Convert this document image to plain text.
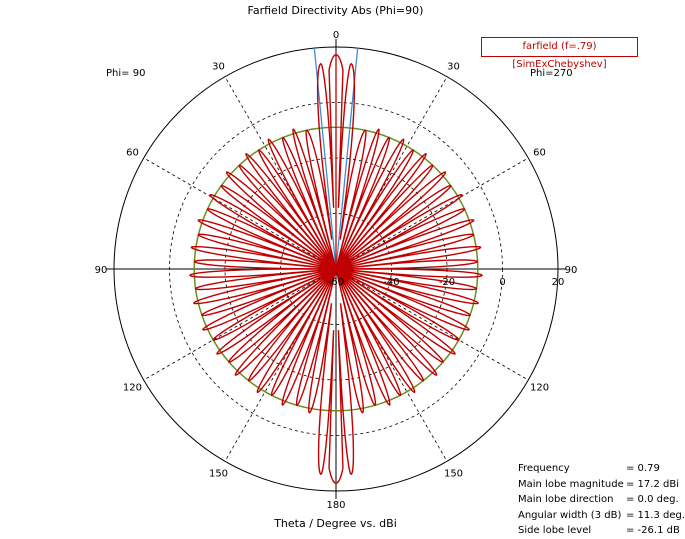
0
30
60
90
120
150
180
150
120
90
60
30
-60	-40	-20	0	20
Farfield Directivity Abs (Phi=90)
Phi= 90
farfield (f=.79) [SimExChebyshev]
Frequency	= 0.79
Main lobe magnitude = 17.2 dBi
Main lobe direction = 0.0 deg.
Angular width (3 dB) = 11.3 deg.
Side lobe level	= -26.1 dB
Theta / Degree vs. dBi
